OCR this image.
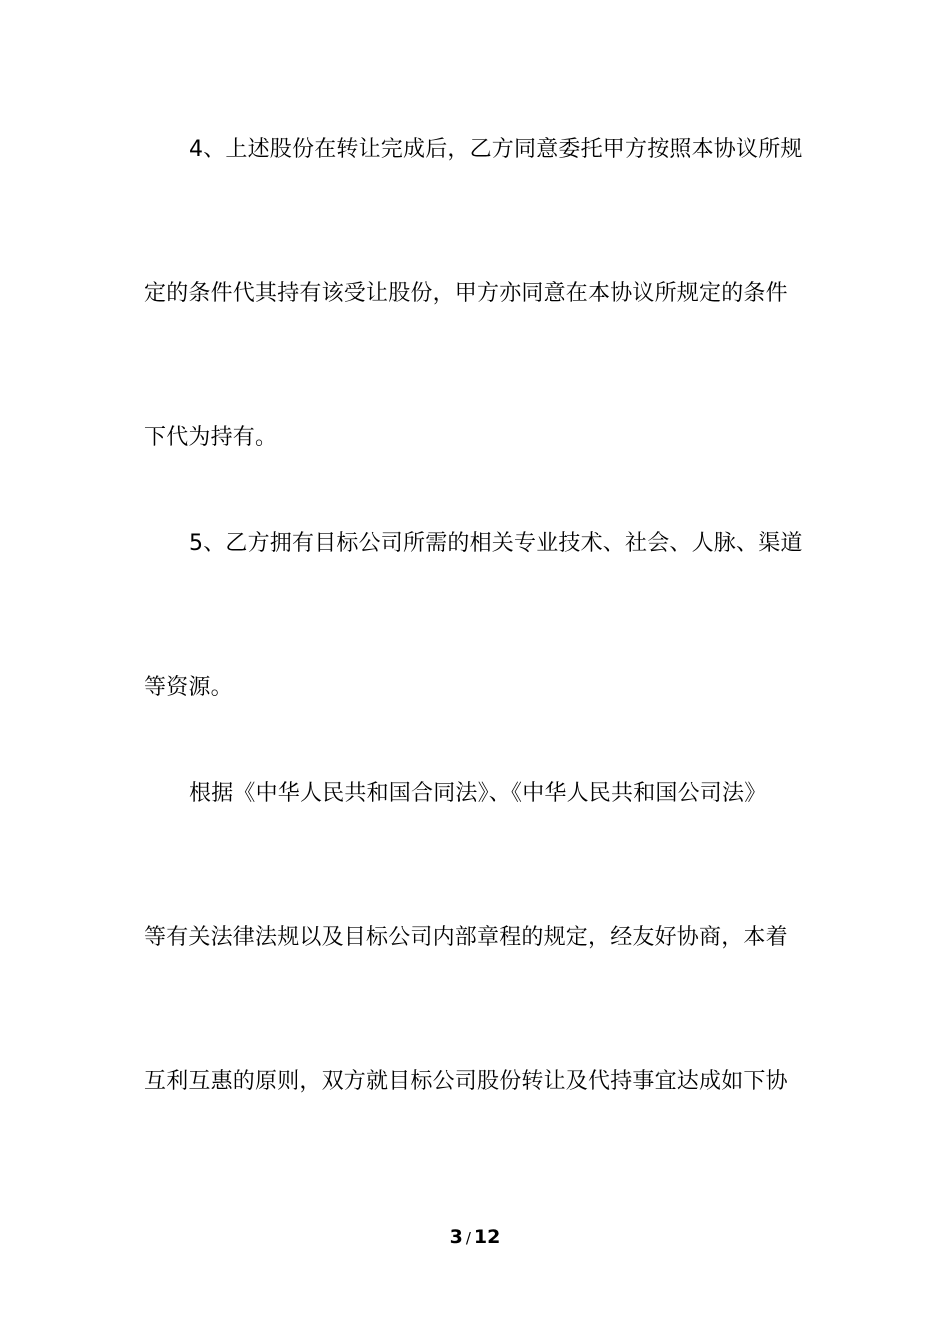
4、上述股份在转让完成后，乙方同意委托甲方按照本协议所规
定的条件代其持有该受让股份，甲方亦同意在本协议所规定的条件
下代为持有。
5、乙方拥有目标公司所需的相关专业技术、社会、人脉、渠道
等资源。
根据《中华人民共和国合同法》、《中华人民共和国公司法》
等有关法律法规以及目标公司内部章程的规定，经友好协商，本着
互利互惠的原则，双方就目标公司股份转让及代持事宜达成如下协
3 / 12
